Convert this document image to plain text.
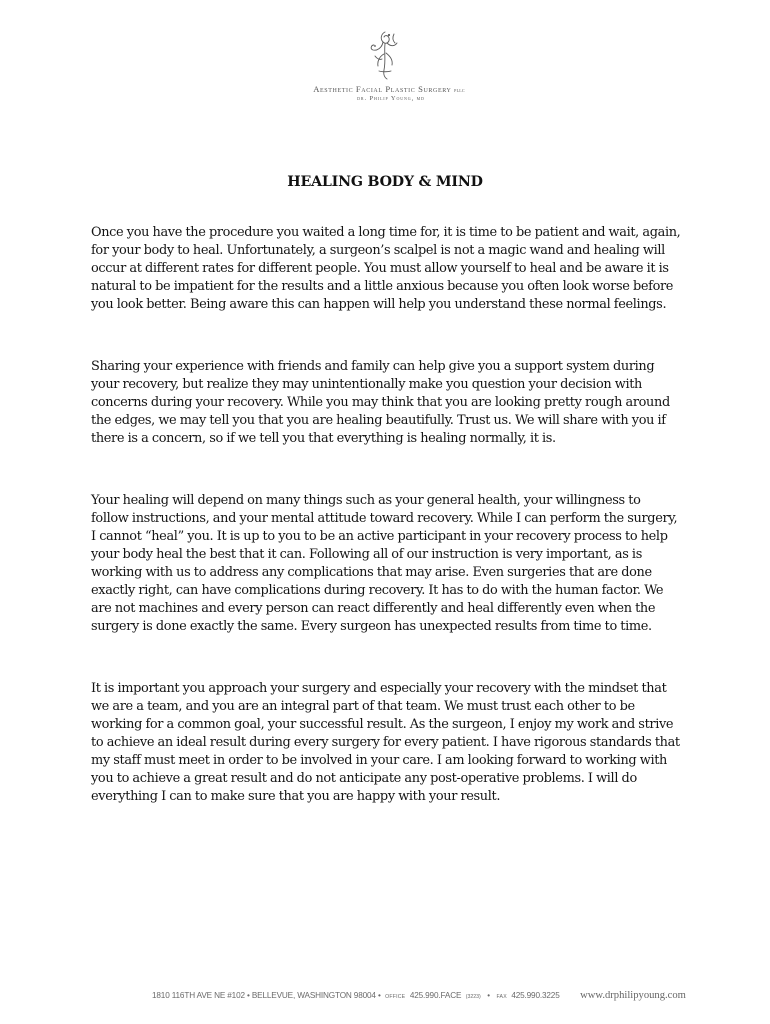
Aesthetic Facial Plastic Surgery pllc
dr. Philip Young, md
HEALING BODY & MIND

Once you have the procedure you waited a long time for, it is time to be patient and wait, again, for your body to heal. Unfortunately, a surgeon’s scalpel is not a magic wand and healing will occur at different rates for different people. You must allow yourself to heal and be aware it is natural to be impatient for the results and a little anxious because you often look worse before you look better. Being aware this can happen will help you understand these normal feelings.

Sharing your experience with friends and family can help give you a support system during your recovery, but realize they may unintentionally make you question your decision with concerns during your recovery. While you may think that you are looking pretty rough around the edges, we may tell you that you are healing beautifully. Trust us. We will share with you if there is a concern, so if we tell you that everything is healing normally, it is.

Your healing will depend on many things such as your general health, your willingness to follow instructions, and your mental attitude toward recovery. While I can perform the surgery, I cannot “heal” you. It is up to you to be an active participant in your recovery process to help your body heal the best that it can. Following all of our instruction is very important, as is working with us to address any complications that may arise. Even surgeries that are done exactly right, can have complications during recovery. It has to do with the human factor. We are not machines and every person can react differently and heal differently even when the surgery is done exactly the same. Every surgeon has unexpected results from time to time.

It is important you approach your surgery and especially your recovery with the mindset that we are a team, and you are an integral part of that team. We must trust each other to be working for a common goal, your successful result. As the surgeon, I enjoy my work and strive to achieve an ideal result during every surgery for every patient. I have rigorous standards that my staff must meet in order to be involved in your care. I am looking forward to working with you to achieve a great result and do not anticipate any post-operative problems. I will do everything I can to make sure that you are happy with your result.

1810 116TH AVE NE #102 • BELLEVUE, WASHINGTON 98004 • OFFICE 425.990.FACE (3223) • FAX 425.990.3225 www.drphilipyoung.com
